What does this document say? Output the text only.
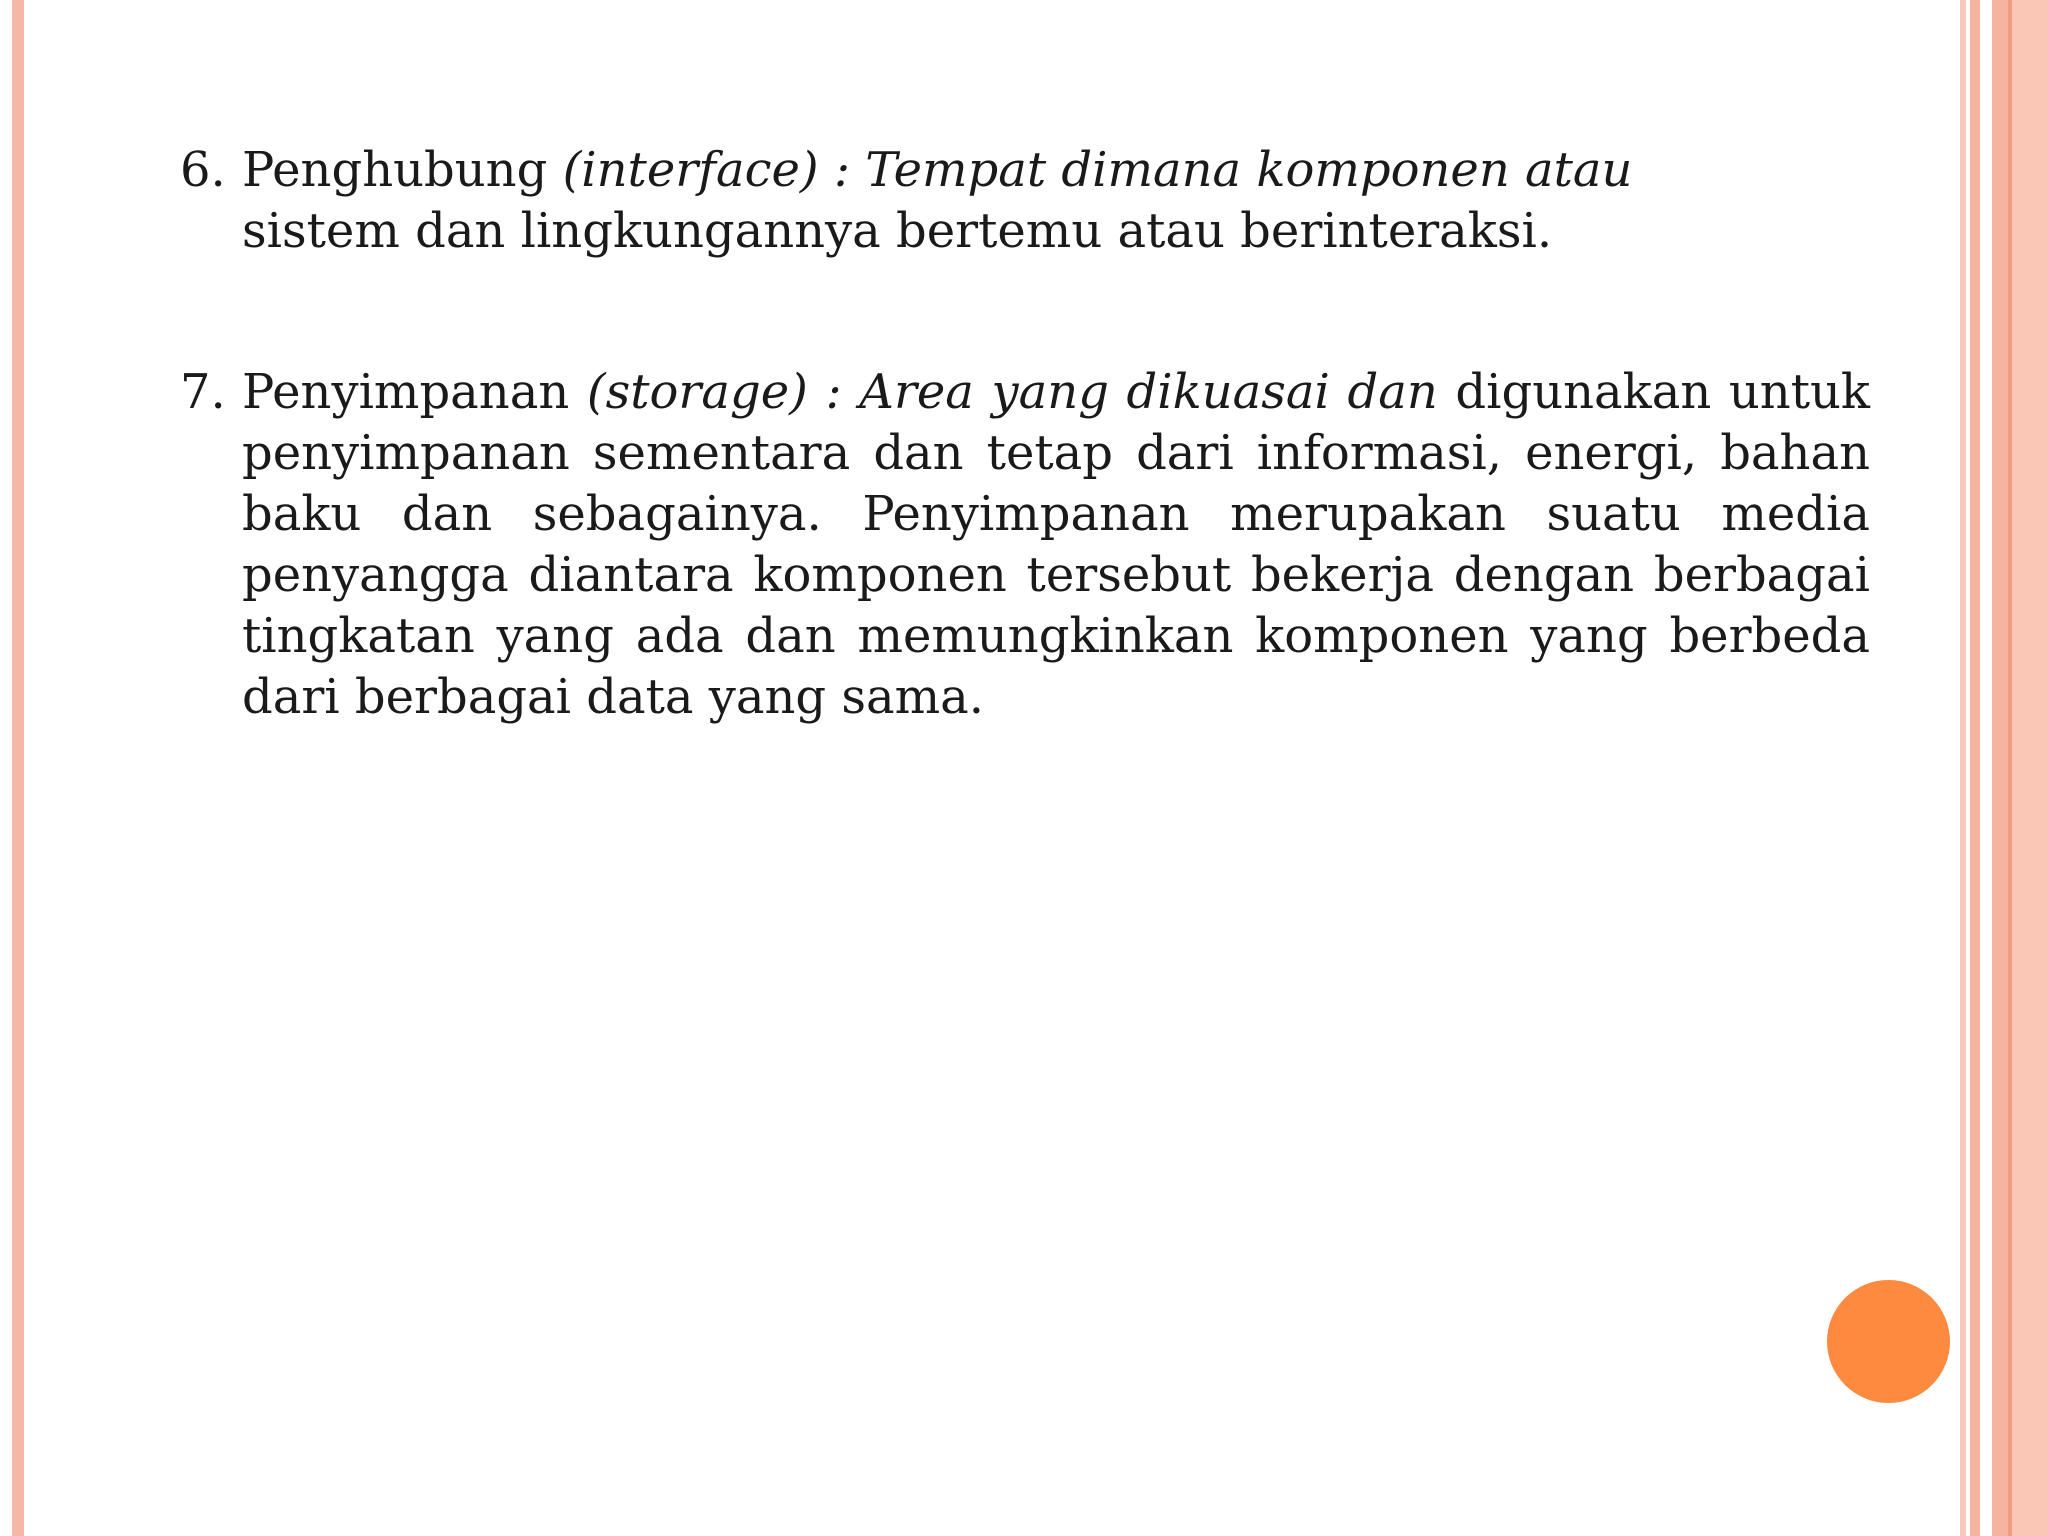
6. Penghubung (interface) : Tempat dimana komponen atau sistem dan lingkungannya bertemu atau berinteraksi.

7. Penyimpanan (storage) : Area yang dikuasai dan digunakan untuk penyimpanan sementara dan tetap dari informasi, energi, bahan baku dan sebagainya. Penyimpanan merupakan suatu media penyangga diantara komponen tersebut bekerja dengan berbagai tingkatan yang ada dan memungkinkan komponen yang berbeda dari berbagai data yang sama.
